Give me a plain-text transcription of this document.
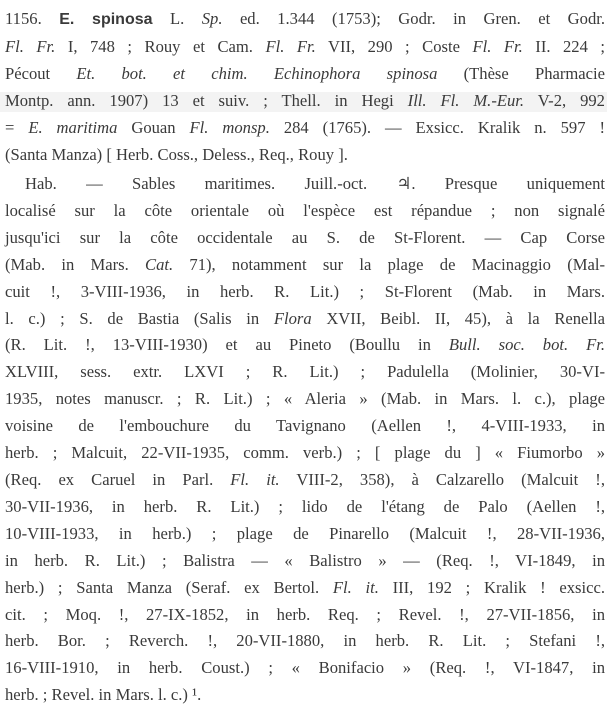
1156. E. spinosa L. Sp. ed. 1.344 (1753); Godr. in Gren. et Godr.
Fl. Fr. I, 748 ; Rouy et Cam. Fl. Fr. VII, 290 ; Coste Fl. Fr. II. 224 ;
Pécout Et. bot. et chim. Echinophora spinosa (Thèse Pharmacie
Montp. ann. 1907) 13 et suiv. ; Thell. in Hegi Ill. Fl. M.-Eur. V-2, 992
= E. maritima Gouan Fl. monsp. 284 (1765). — Exsicc. Kralik n. 597 !
(Santa Manza) [ Herb. Coss., Deless., Req., Rouy ].
Hab. — Sables maritimes. Juill.-oct. ♃. Presque uniquement
localisé sur la côte orientale où l'espèce est répandue ; non signalé
jusqu'ici sur la côte occidentale au S. de St-Florent. — Cap Corse
(Mab. in Mars. Cat. 71), notamment sur la plage de Macinaggio (Mal-
cuit !, 3-VIII-1936, in herb. R. Lit.) ; St-Florent (Mab. in Mars.
l. c.) ; S. de Bastia (Salis in Flora XVII, Beibl. II, 45), à la Renella
(R. Lit. !, 13-VIII-1930) et au Pineto (Boullu in Bull. soc. bot. Fr.
XLVIII, sess. extr. LXVI ; R. Lit.) ; Padulella (Molinier, 30-VI-
1935, notes manuscr. ; R. Lit.) ; « Aleria » (Mab. in Mars. l. c.), plage
voisine de l'embouchure du Tavignano (Aellen !, 4-VIII-1933, in
herb. ; Malcuit, 22-VII-1935, comm. verb.) ; [ plage du ] « Fiumorbo »
(Req. ex Caruel in Parl. Fl. it. VIII-2, 358), à Calzarello (Malcuit !,
30-VII-1936, in herb. R. Lit.) ; lido de l'étang de Palo (Aellen !,
10-VIII-1933, in herb.) ; plage de Pinarello (Malcuit !, 28-VII-1936,
in herb. R. Lit.) ; Balistra — « Balistro » — (Req. !, VI-1849, in
herb.) ; Santa Manza (Seraf. ex Bertol. Fl. it. III, 192 ; Kralik ! exsicc.
cit. ; Moq. !, 27-IX-1852, in herb. Req. ; Revel. !, 27-VII-1856, in
herb. Bor. ; Reverch. !, 20-VII-1880, in herb. R. Lit. ; Stefani !,
16-VIII-1910, in herb. Coust.) ; « Bonifacio » (Req. !, VI-1847, in
herb. ; Revel. in Mars. l. c.) ¹.
